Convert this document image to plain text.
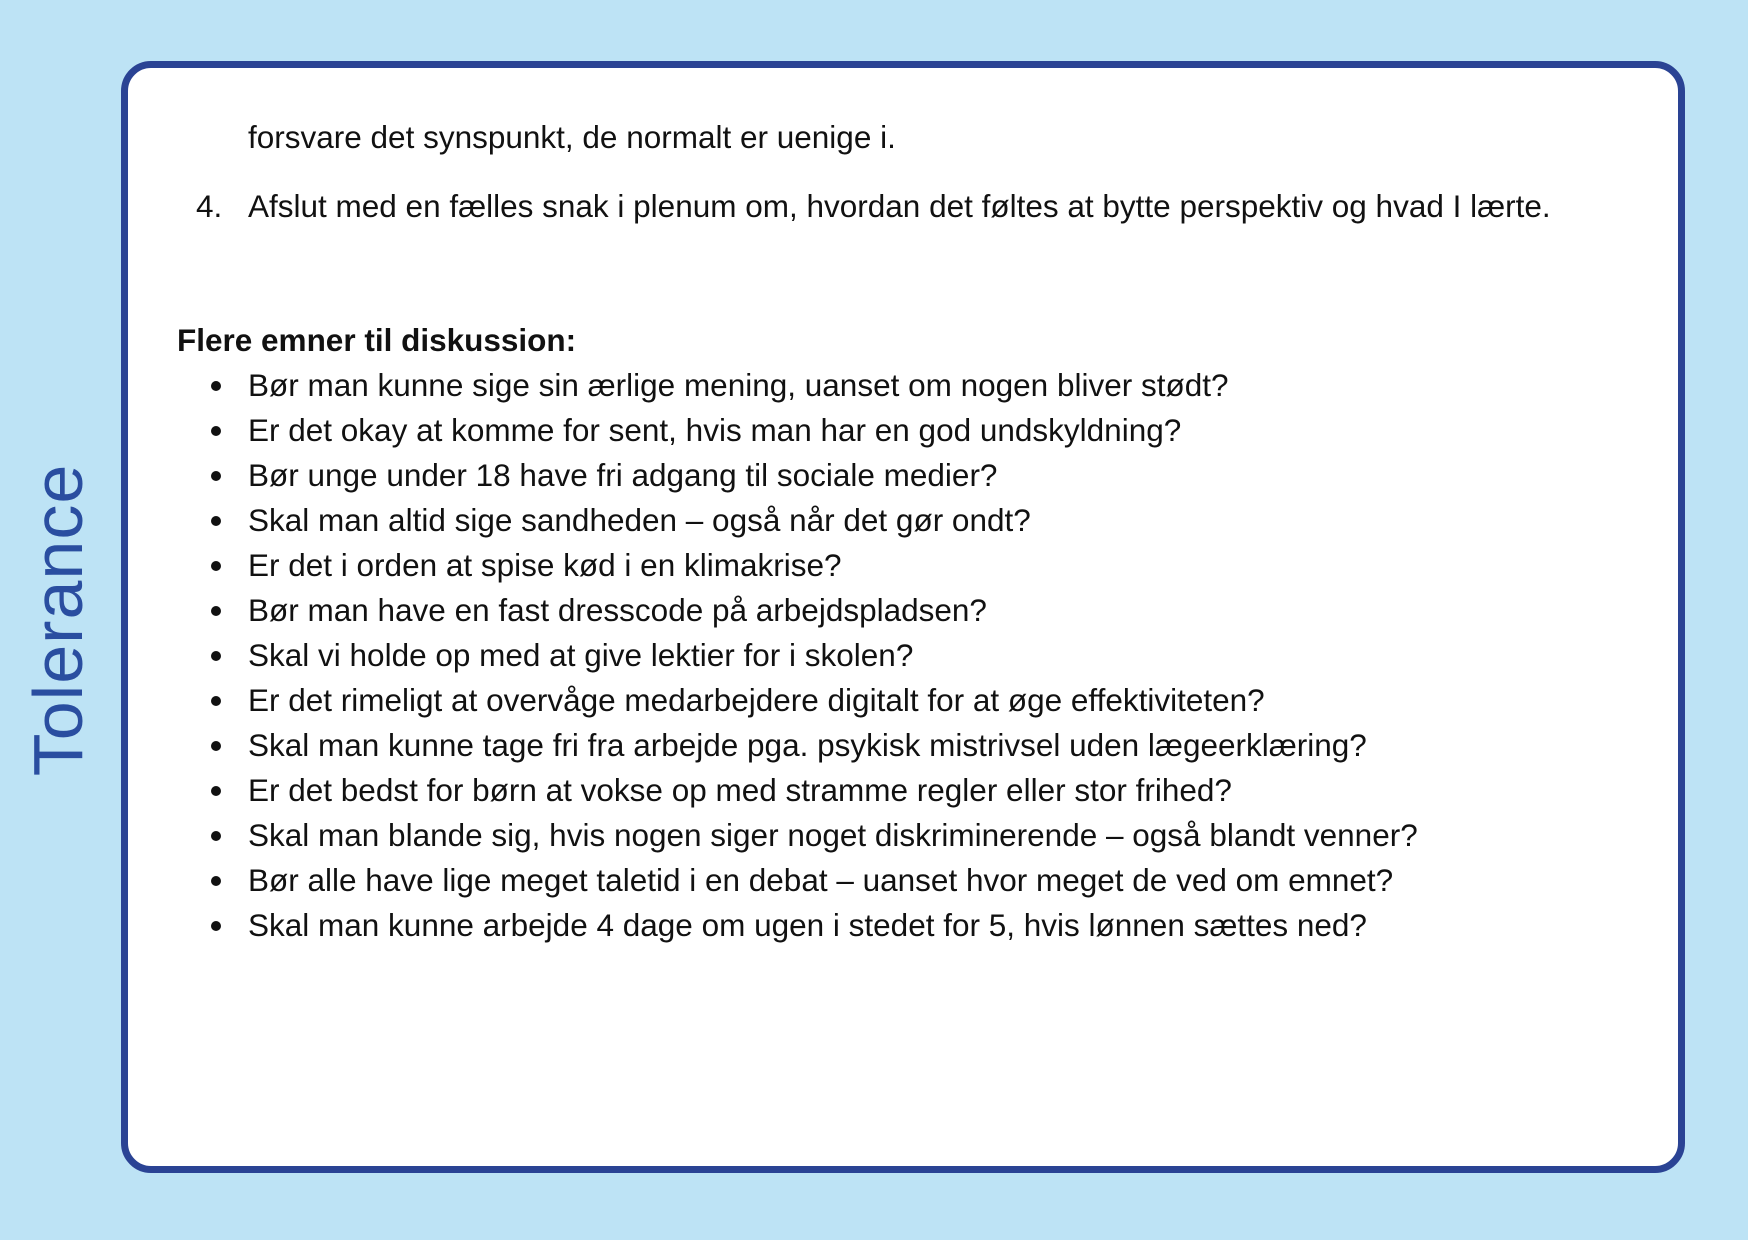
Tolerance
forsvare det synspunkt, de normalt er uenige i.
4. Afslut med en fælles snak i plenum om, hvordan det føltes at bytte perspektiv og hvad I lærte.
Flere emner til diskussion:
Bør man kunne sige sin ærlige mening, uanset om nogen bliver stødt?
Er det okay at komme for sent, hvis man har en god undskyldning?
Bør unge under 18 have fri adgang til sociale medier?
Skal man altid sige sandheden – også når det gør ondt?
Er det i orden at spise kød i en klimakrise?
Bør man have en fast dresscode på arbejdspladsen?
Skal vi holde op med at give lektier for i skolen?
Er det rimeligt at overvåge medarbejdere digitalt for at øge effektiviteten?
Skal man kunne tage fri fra arbejde pga. psykisk mistrivsel uden lægeerklæring?
Er det bedst for børn at vokse op med stramme regler eller stor frihed?
Skal man blande sig, hvis nogen siger noget diskriminerende – også blandt venner?
Bør alle have lige meget taletid i en debat – uanset hvor meget de ved om emnet?
Skal man kunne arbejde 4 dage om ugen i stedet for 5, hvis lønnen sættes ned?
